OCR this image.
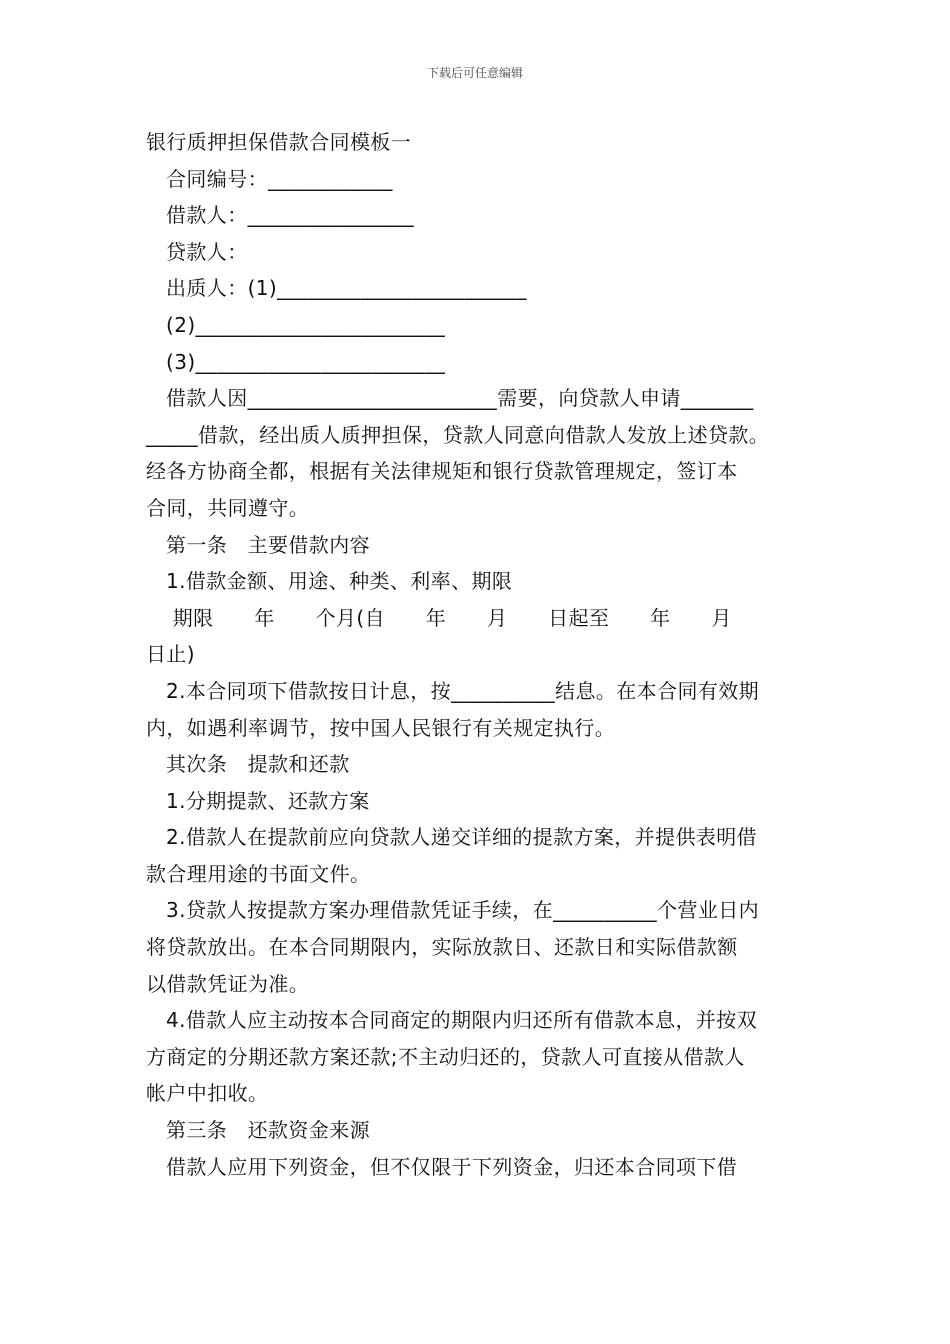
下载后可任意编辑

银行质押担保借款合同模板一

合同编号：____________

借款人：________________

贷款人：

出质人：(1)________________________

(2)________________________

(3)________________________

借款人因________________________需要，向贷款人申请_______

_____借款，经出质人质押担保，贷款人同意向借款人发放上述贷款。

经各方协商全都，根据有关法律规矩和银行贷款管理规定，签订本

合同，共同遵守。

第一条　主要借款内容

1.借款金额、用途、种类、利率、期限

期限　　年　　个月(自　　年　　月　　日起至　　年　　月

日止)

2.本合同项下借款按日计息，按__________结息。在本合同有效期

内，如遇利率调节，按中国人民银行有关规定执行。

其次条　提款和还款

1.分期提款、还款方案

2.借款人在提款前应向贷款人递交详细的提款方案，并提供表明借

款合理用途的书面文件。

3.贷款人按提款方案办理借款凭证手续，在__________个营业日内

将贷款放出。在本合同期限内，实际放款日、还款日和实际借款额

以借款凭证为准。

4.借款人应主动按本合同商定的期限内归还所有借款本息，并按双

方商定的分期还款方案还款;不主动归还的，贷款人可直接从借款人

帐户中扣收。

第三条　还款资金来源

借款人应用下列资金，但不仅限于下列资金，归还本合同项下借
